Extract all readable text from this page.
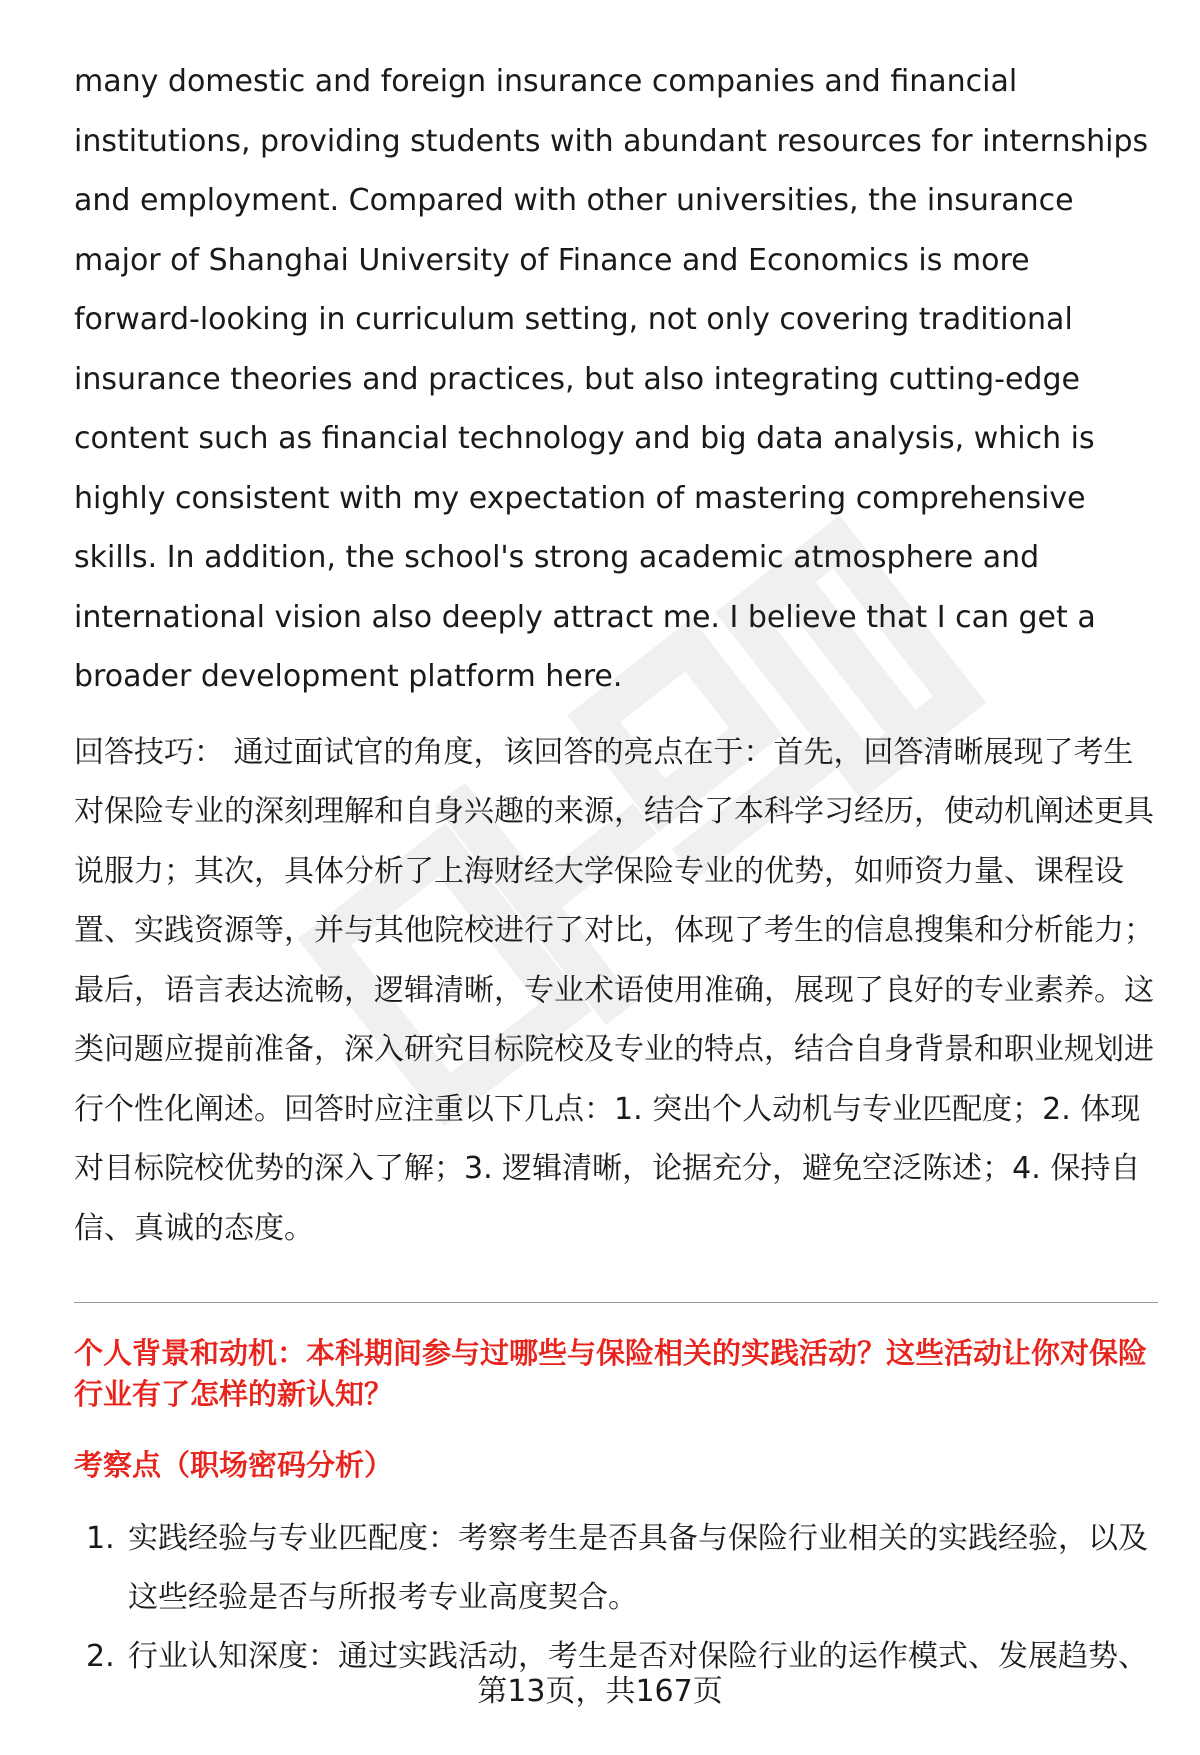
many domestic and foreign insurance companies and financial institutions, providing students with abundant resources for internships and employment. Compared with other universities, the insurance major of Shanghai University of Finance and Economics is more forward-looking in curriculum setting, not only covering traditional insurance theories and practices, but also integrating cutting-edge content such as financial technology and big data analysis, which is highly consistent with my expectation of mastering comprehensive skills. In addition, the school's strong academic atmosphere and international vision also deeply attract me. I believe that I can get a broader development platform here.

回答技巧： 通过面试官的角度，该回答的亮点在于：首先，回答清晰展现了考生对保险专业的深刻理解和自身兴趣的来源，结合了本科学习经历，使动机阐述更具说服力；其次，具体分析了上海财经大学保险专业的优势，如师资力量、课程设置、实践资源等，并与其他院校进行了对比，体现了考生的信息搜集和分析能力；最后，语言表达流畅，逻辑清晰，专业术语使用准确，展现了良好的专业素养。这类问题应提前准备，深入研究目标院校及专业的特点，结合自身背景和职业规划进行个性化阐述。回答时应注重以下几点：1. 突出个人动机与专业匹配度；2. 体现对目标院校优势的深入了解；3. 逻辑清晰，论据充分，避免空泛陈述；4. 保持自信、真诚的态度。

个人背景和动机：本科期间参与过哪些与保险相关的实践活动？这些活动让你对保险行业有了怎样的新认知？
考察点（职场密码分析）
1. 实践经验与专业匹配度：考察考生是否具备与保险行业相关的实践经验，以及这些经验是否与所报考专业高度契合。
2. 行业认知深度：通过实践活动，考生是否对保险行业的运作模式、发展趋势、
第13页，共167页
